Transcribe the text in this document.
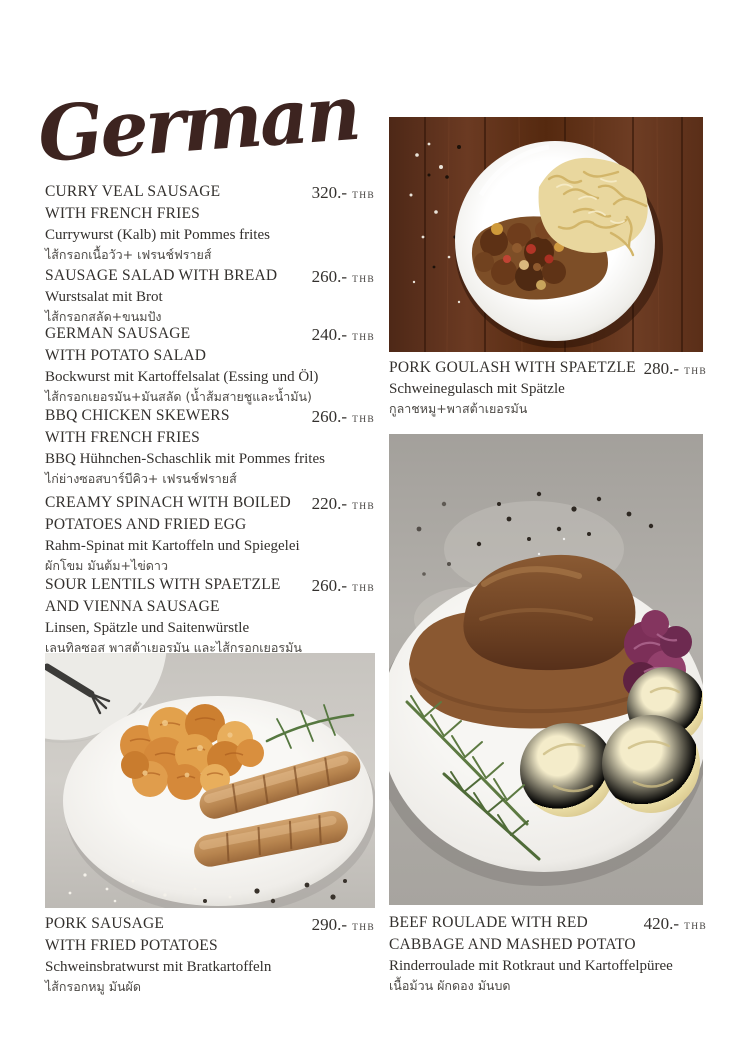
German
CURRY VEAL SAUSAGE
WITH FRENCH FRIES
320.- THB
Currywurst (Kalb) mit Pommes frites
ไส้กรอกเนื้อวัว+ เฟรนช์ฟรายส์
SAUSAGE SALAD WITH BREAD	260.- THB
Wurstsalat mit Brot
ไส้กรอกสลัด+ขนมปัง
GERMAN SAUSAGE
WITH POTATO SALAD
240.- THB
Bockwurst mit Kartoffelsalat (Essing und Öl)
ไส้กรอกเยอรมัน+มันสลัด (น้ำส้มสายชูและน้ำมัน)
BBQ CHICKEN SKEWERS
WITH FRENCH FRIES
260.- THB
BBQ Hühnchen-Schaschlik mit Pommes frites
ไก่ย่างซอสบาร์บีคิว+ เฟรนช์ฟรายส์
CREAMY SPINACH WITH BOILED
POTATOES AND FRIED EGG
220.- THB
Rahm-Spinat mit Kartoffeln und Spiegelei
ผักโขม มันต้ม+ไข่ดาว
SOUR LENTILS WITH SPAETZLE
AND VIENNA SAUSAGE
260.- THB
Linsen, Spätzle und Saitenwürstle
เลนทิลซอส พาสต้าเยอรมัน และไส้กรอกเยอรมัน
PORK GOULASH WITH SPAETZLE 280.- THB
Schweinegulasch mit Spätzle
กูลาชหมู+พาสต้าเยอรมัน
PORK SAUSAGE
WITH FRIED POTATOES
290.- THB
Schweinsbratwurst mit Bratkartoffeln
ไส้กรอกหมู มันผัด
BEEF ROULADE WITH RED
CABBAGE AND MASHED POTATO
420.- THB
Rinderroulade mit Rotkraut und Kartoffelpüree
เนื้อม้วน ผักดอง มันบด
